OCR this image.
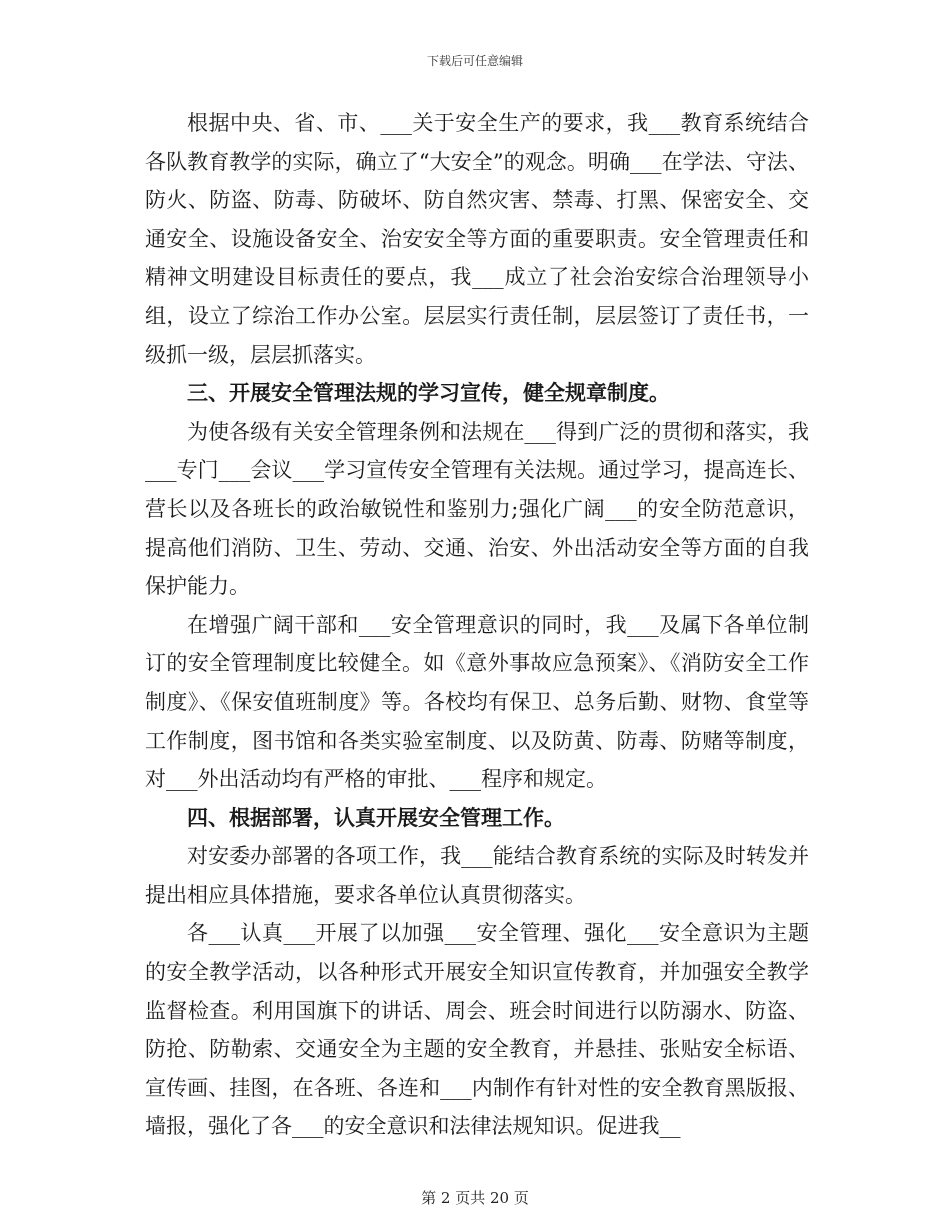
下载后可任意编辑

根据中央、省、市、___关于安全生产的要求，我___教育系统结合各队教育教学的实际，确立了“大安全”的观念。明确___在学法、守法、防火、防盗、防毒、防破坏、防自然灾害、禁毒、打黑、保密安全、交通安全、设施设备安全、治安安全等方面的重要职责。安全管理责任和精神文明建设目标责任的要点，我___成立了社会治安综合治理领导小组，设立了综治工作办公室。层层实行责任制，层层签订了责任书，一级抓一级，层层抓落实。

三、开展安全管理法规的学习宣传，健全规章制度。

为使各级有关安全管理条例和法规在___得到广泛的贯彻和落实，我___专门___会议___学习宣传安全管理有关法规。通过学习，提高连长、营长以及各班长的政治敏锐性和鉴别力;强化广阔___的安全防范意识，提高他们消防、卫生、劳动、交通、治安、外出活动安全等方面的自我保护能力。

在增强广阔干部和___安全管理意识的同时，我___及属下各单位制订的安全管理制度比较健全。如《意外事故应急预案》、《消防安全工作制度》、《保安值班制度》等。各校均有保卫、总务后勤、财物、食堂等工作制度，图书馆和各类实验室制度、以及防黄、防毒、防赌等制度，对___外出活动均有严格的审批、___程序和规定。

四、根据部署，认真开展安全管理工作。

对安委办部署的各项工作，我___能结合教育系统的实际及时转发并提出相应具体措施，要求各单位认真贯彻落实。

各___认真___开展了以加强___安全管理、强化___安全意识为主题的安全教学活动，以各种形式开展安全知识宣传教育，并加强安全教学监督检查。利用国旗下的讲话、周会、班会时间进行以防溺水、防盗、防抢、防勒索、交通安全为主题的安全教育，并悬挂、张贴安全标语、宣传画、挂图，在各班、各连和___内制作有针对性的安全教育黑版报、墙报，强化了各___的安全意识和法律法规知识。促进我__

第 2 页共 20 页
